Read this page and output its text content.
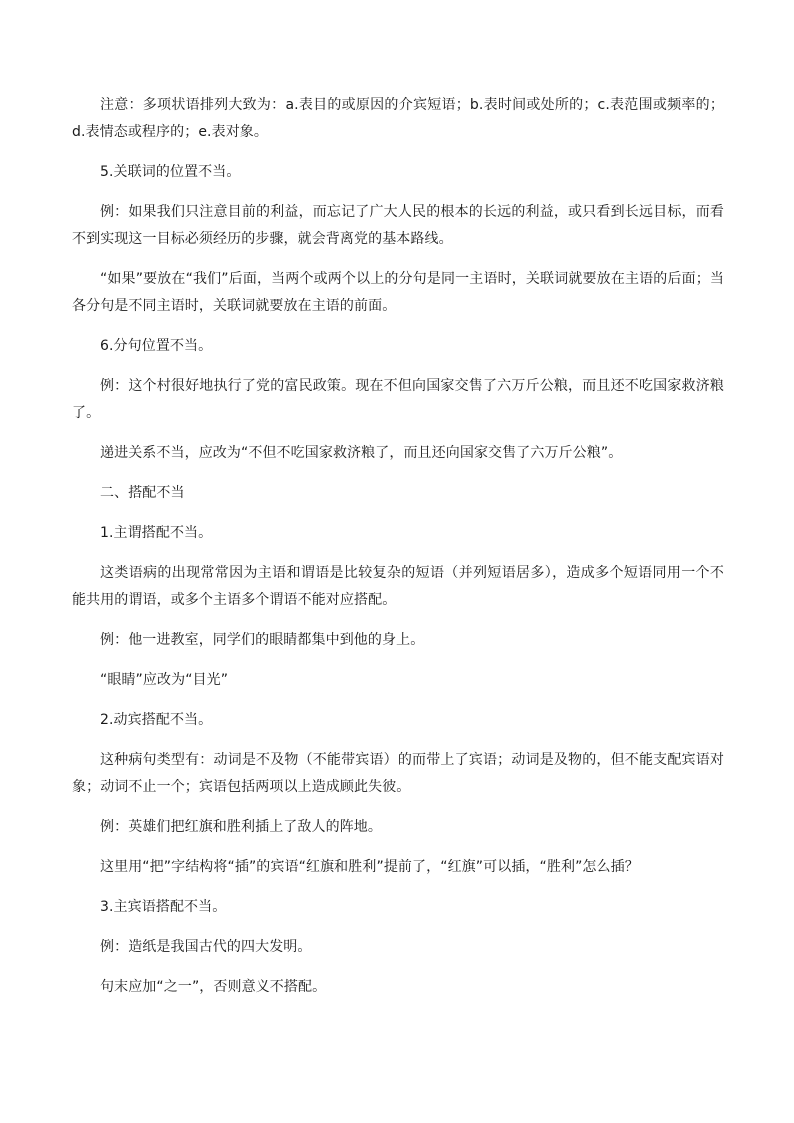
注意：多项状语排列大致为：a.表目的或原因的介宾短语；b.表时间或处所的；c.表范围或频率的；d.表情态或程序的；e.表对象。

5.关联词的位置不当。

例：如果我们只注意目前的利益，而忘记了广大人民的根本的长远的利益，或只看到长远目标，而看不到实现这一目标必须经历的步骤，就会背离党的基本路线。

“如果”要放在“我们”后面，当两个或两个以上的分句是同一主语时，关联词就要放在主语的后面；当各分句是不同主语时，关联词就要放在主语的前面。

6.分句位置不当。

例：这个村很好地执行了党的富民政策。现在不但向国家交售了六万斤公粮，而且还不吃国家救济粮了。

递进关系不当，应改为“不但不吃国家救济粮了，而且还向国家交售了六万斤公粮”。

二、搭配不当

1.主谓搭配不当。

这类语病的出现常常因为主语和谓语是比较复杂的短语（并列短语居多），造成多个短语同用一个不能共用的谓语，或多个主语多个谓语不能对应搭配。

例：他一进教室，同学们的眼睛都集中到他的身上。

“眼睛”应改为“目光”

2.动宾搭配不当。

这种病句类型有：动词是不及物（不能带宾语）的而带上了宾语；动词是及物的，但不能支配宾语对象；动词不止一个；宾语包括两项以上造成顾此失彼。

例：英雄们把红旗和胜利插上了敌人的阵地。

这里用“把”字结构将“插”的宾语“红旗和胜利”提前了，“红旗”可以插，“胜利”怎么插？

3.主宾语搭配不当。

例：造纸是我国古代的四大发明。

句末应加“之一”，否则意义不搭配。
